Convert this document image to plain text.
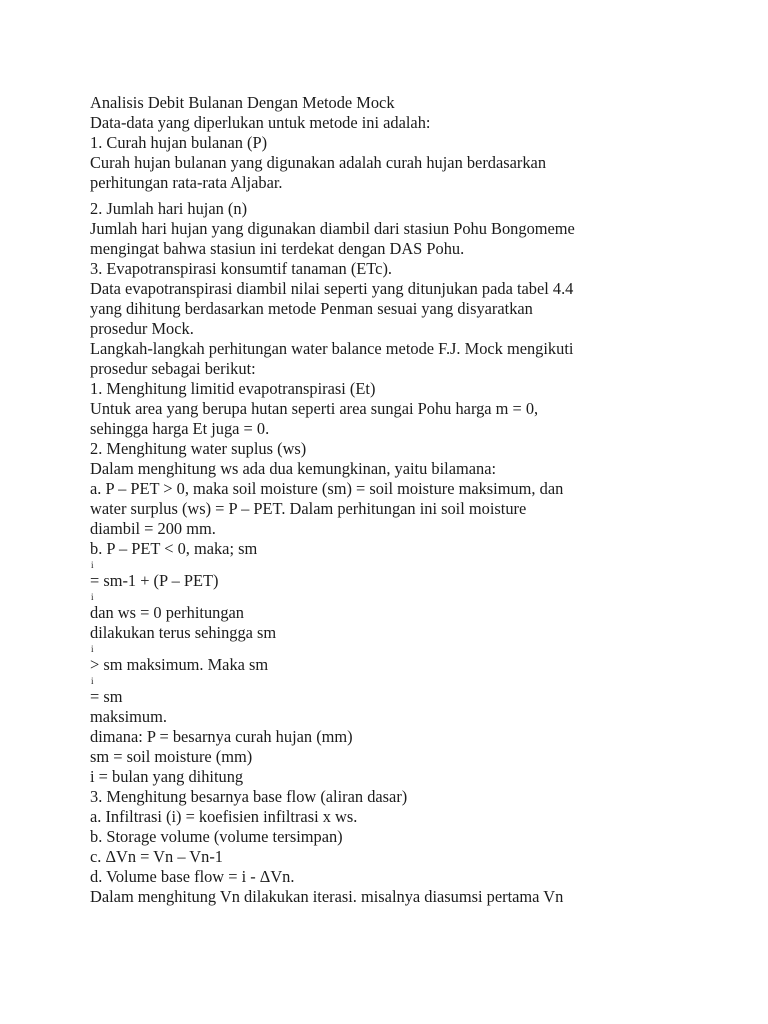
Analisis Debit Bulanan Dengan Metode Mock
Data-data yang diperlukan untuk metode ini adalah:
1. Curah hujan bulanan (P)
Curah hujan bulanan yang digunakan adalah curah hujan berdasarkan
perhitungan rata-rata Aljabar.
2. Jumlah hari hujan (n)
Jumlah hari hujan yang digunakan diambil dari stasiun Pohu Bongomeme
mengingat bahwa stasiun ini terdekat dengan DAS Pohu.
3. Evapotranspirasi konsumtif tanaman (ETc).
Data evapotranspirasi diambil nilai seperti yang ditunjukan pada tabel 4.4
yang dihitung berdasarkan metode Penman sesuai yang disyaratkan
prosedur Mock.
Langkah-langkah perhitungan water balance metode F.J. Mock mengikuti
prosedur sebagai berikut:
1. Menghitung limitid evapotranspirasi (Et)
Untuk area yang berupa hutan seperti area sungai Pohu harga m = 0,
sehingga harga Et juga = 0.
2. Menghitung water suplus (ws)
Dalam menghitung ws ada dua kemungkinan, yaitu bilamana:
a. P – PET > 0, maka soil moisture (sm) = soil moisture maksimum, dan
water surplus (ws) = P – PET. Dalam perhitungan ini soil moisture
diambil = 200 mm.
b. P – PET < 0, maka; sm
i
= sm-1 + (P – PET)
i
dan ws = 0 perhitungan
dilakukan terus sehingga sm
i
> sm maksimum. Maka sm
i
= sm
maksimum.
dimana: P = besarnya curah hujan (mm)
sm = soil moisture (mm)
i = bulan yang dihitung
3. Menghitung besarnya base flow (aliran dasar)
a. Infiltrasi (i) = koefisien infiltrasi x ws.
b. Storage volume (volume tersimpan)
c. ΔVn = Vn – Vn-1
d. Volume base flow = i - ΔVn.
Dalam menghitung Vn dilakukan iterasi. misalnya diasumsi pertama Vn
